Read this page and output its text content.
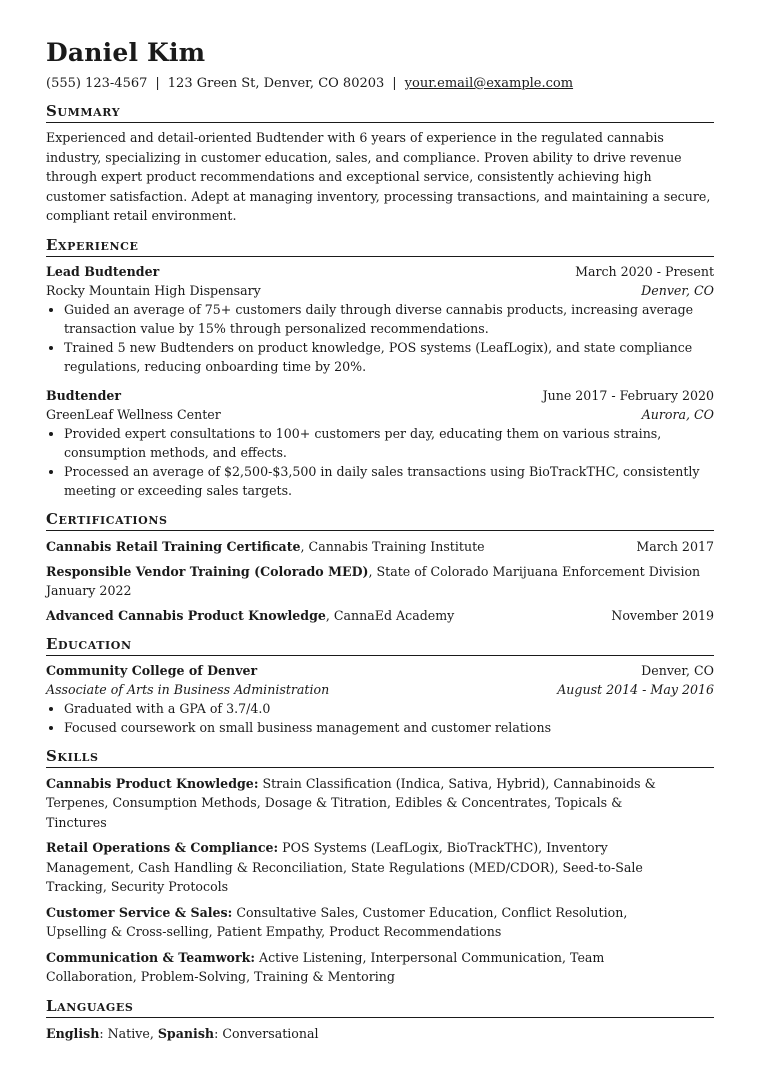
Daniel Kim
(555) 123-4567 | 123 Green St, Denver, CO 80203 | your.email@example.com
Summary
Experienced and detail-oriented Budtender with 6 years of experience in the regulated cannabis industry, specializing in customer education, sales, and compliance. Proven ability to drive revenue through expert product recommendations and exceptional service, consistently achieving high customer satisfaction. Adept at managing inventory, processing transactions, and maintaining a secure, compliant retail environment.
Experience
Lead Budtender	March 2020 - Present
Rocky Mountain High Dispensary	Denver, CO
• Guided an average of 75+ customers daily through diverse cannabis products, increasing average transaction value by 15% through personalized recommendations.
• Trained 5 new Budtenders on product knowledge, POS systems (LeafLogix), and state compliance regulations, reducing onboarding time by 20%.
Budtender	June 2017 - February 2020
GreenLeaf Wellness Center	Aurora, CO
• Provided expert consultations to 100+ customers per day, educating them on various strains, consumption methods, and effects.
• Processed an average of $2,500-$3,500 in daily sales transactions using BioTrackTHC, consistently meeting or exceeding sales targets.
Certifications
Cannabis Retail Training Certificate, Cannabis Training Institute	March 2017
Responsible Vendor Training (Colorado MED), State of Colorado Marijuana Enforcement Division
January 2022
Advanced Cannabis Product Knowledge, CannaEd Academy	November 2019
Education
Community College of Denver	Denver, CO
Associate of Arts in Business Administration	August 2014 - May 2016
• Graduated with a GPA of 3.7/4.0
• Focused coursework on small business management and customer relations
Skills
Cannabis Product Knowledge: Strain Classification (Indica, Sativa, Hybrid), Cannabinoids & Terpenes, Consumption Methods, Dosage & Titration, Edibles & Concentrates, Topicals & Tinctures
Retail Operations & Compliance: POS Systems (LeafLogix, BioTrackTHC), Inventory Management, Cash Handling & Reconciliation, State Regulations (MED/CDOR), Seed-to-Sale Tracking, Security Protocols
Customer Service & Sales: Consultative Sales, Customer Education, Conflict Resolution, Upselling & Cross-selling, Patient Empathy, Product Recommendations
Communication & Teamwork: Active Listening, Interpersonal Communication, Team Collaboration, Problem-Solving, Training & Mentoring
Languages
English: Native, Spanish: Conversational
